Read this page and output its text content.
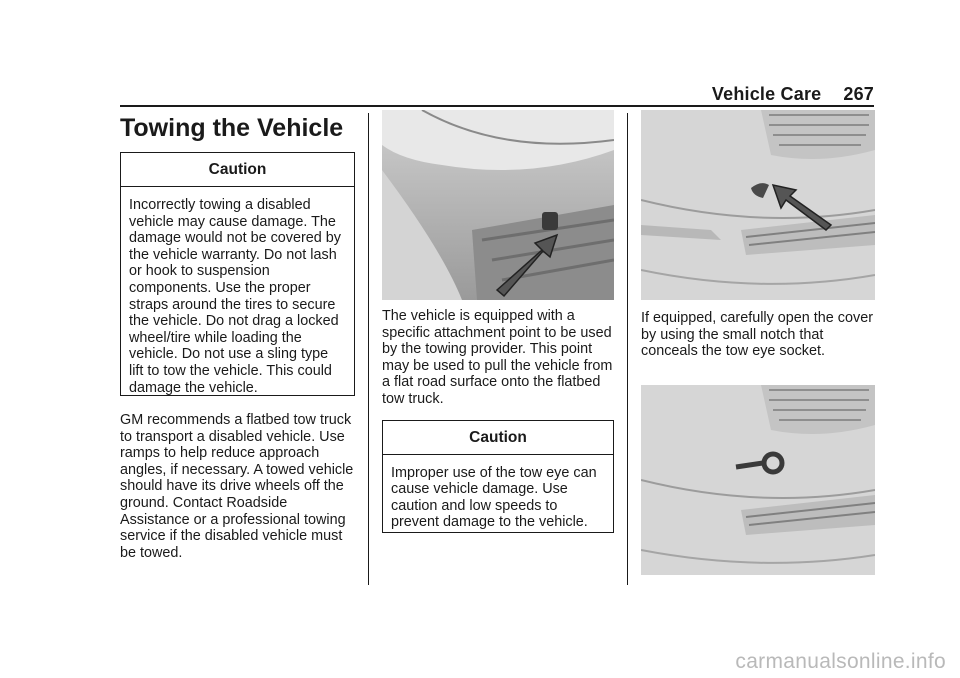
Vehicle Care 267
Towing the Vehicle
Caution
Incorrectly towing a disabled vehicle may cause damage. The damage would not be covered by the vehicle warranty. Do not lash or hook to suspension components. Use the proper straps around the tires to secure the vehicle. Do not drag a locked wheel/tire while loading the vehicle. Do not use a sling type lift to tow the vehicle. This could damage the vehicle.

GM recommends a flatbed tow truck to transport a disabled vehicle. Use ramps to help reduce approach angles, if necessary. A towed vehicle should have its drive wheels off the ground. Contact Roadside Assistance or a professional towing service if the disabled vehicle must be towed.

The vehicle is equipped with a specific attachment point to be used by the towing provider. This point may be used to pull the vehicle from a flat road surface onto the flatbed tow truck.

Caution
Improper use of the tow eye can cause vehicle damage. Use caution and low speeds to prevent damage to the vehicle.

If equipped, carefully open the cover by using the small notch that conceals the tow eye socket.

carmanualsonline.info
